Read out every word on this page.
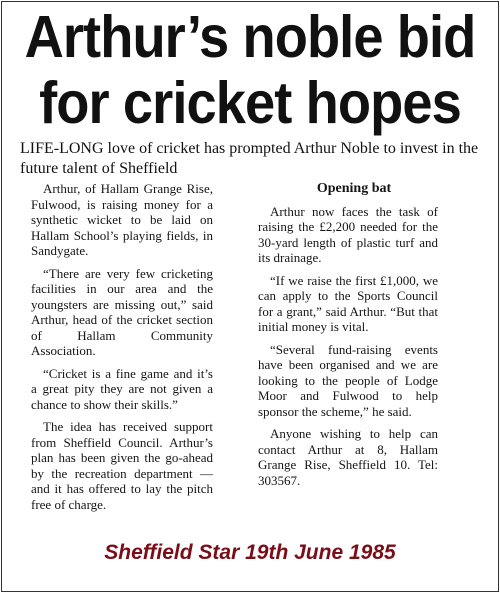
Arthur’s noble bid
for cricket hopes
LIFE-LONG love of cricket has prompted Arthur Noble to invest in the future talent of Sheffield

Arthur, of Hallam Grange Rise, Fulwood, is raising money for a synthetic wicket to be laid on Hallam School’s playing fields, in Sandygate.

“There are very few cricketing facilities in our area and the youngsters are missing out,” said Arthur, head of the cricket section of Hallam Community Association.

“Cricket is a fine game and it’s a great pity they are not given a chance to show their skills.”

The idea has received support from Sheffield Council. Arthur’s plan has been given the go-ahead by the recreation department — and it has offered to lay the pitch free of charge.

Opening bat

Arthur now faces the task of raising the £2,200 needed for the 30-yard length of plastic turf and its drainage.

“If we raise the first £1,000, we can apply to the Sports Council for a grant,” said Arthur. “But that initial money is vital.

“Several fund-raising events have been organised and we are looking to the people of Lodge Moor and Fulwood to help sponsor the scheme,” he said.

Anyone wishing to help can contact Arthur at 8, Hallam Grange Rise, Sheffield 10. Tel: 303567.

Sheffield Star 19th June 1985
